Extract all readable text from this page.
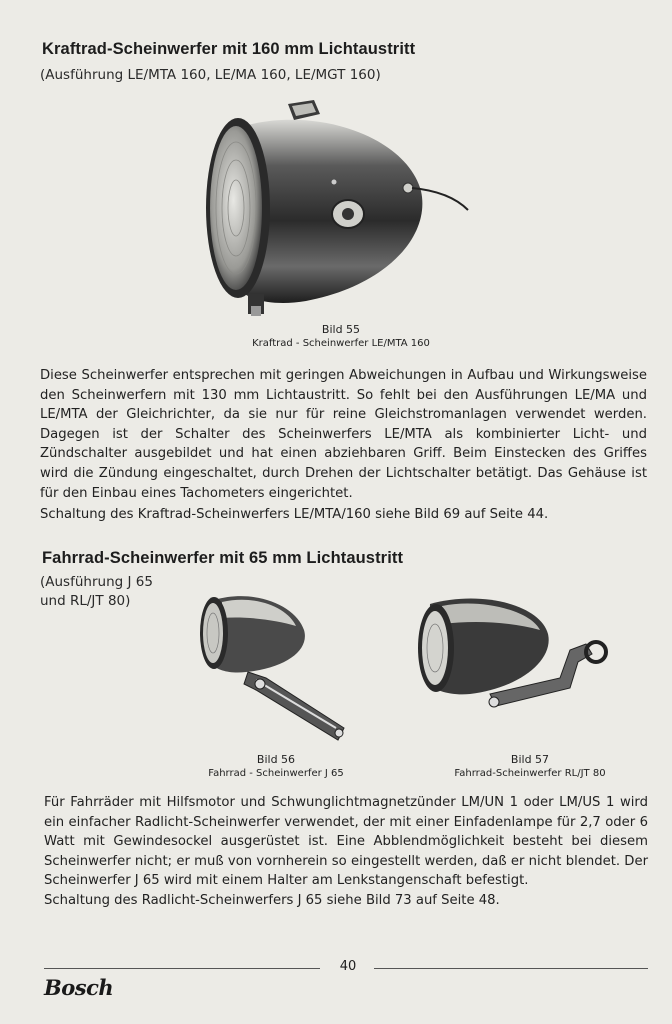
Kraftrad-Scheinwerfer mit 160 mm Lichtaustritt
(Ausführung LE/MTA 160, LE/MA 160, LE/MGT 160)
Bild 55
Kraftrad - Scheinwerfer LE/MTA 160

Diese Scheinwerfer entsprechen mit geringen Abweichungen in Aufbau und Wirkungsweise den Scheinwerfern mit 130 mm Lichtaustritt. So fehlt bei den Ausführungen LE/MA und LE/MTA der Gleichrichter, da sie nur für reine Gleichstromanlagen verwendet werden. Dagegen ist der Schalter des Scheinwerfers LE/MTA als kombinierter Licht- und Zündschalter ausgebildet und hat einen abziehbaren Griff. Beim Einstecken des Griffes wird die Zündung eingeschaltet, durch Drehen der Lichtschalter betätigt. Das Gehäuse ist für den Einbau eines Tachometers eingerichtet.

Schaltung des Kraftrad-Scheinwerfers LE/MTA/160 siehe Bild 69 auf Seite 44.

Fahrrad-Scheinwerfer mit 65 mm Lichtaustritt
(Ausführung J 65
und RL/JT 80)
Bild 56
Fahrrad - Scheinwerfer J 65
Bild 57
Fahrrad-Scheinwerfer RL/JT 80

Für Fahrräder mit Hilfsmotor und Schwunglichtmagnetzünder LM/UN 1 oder LM/US 1 wird ein einfacher Radlicht-Scheinwerfer verwendet, der mit einer Einfadenlampe für 2,7 oder 6 Watt mit Gewindesockel ausgerüstet ist. Eine Abblendmöglichkeit besteht bei diesem Scheinwerfer nicht; er muß von vornherein so eingestellt werden, daß er nicht blendet. Der Scheinwerfer J 65 wird mit einem Halter am Lenkstangenschaft befestigt.

Schaltung des Radlicht-Scheinwerfers J 65 siehe Bild 73 auf Seite 48.

40
Bosch
